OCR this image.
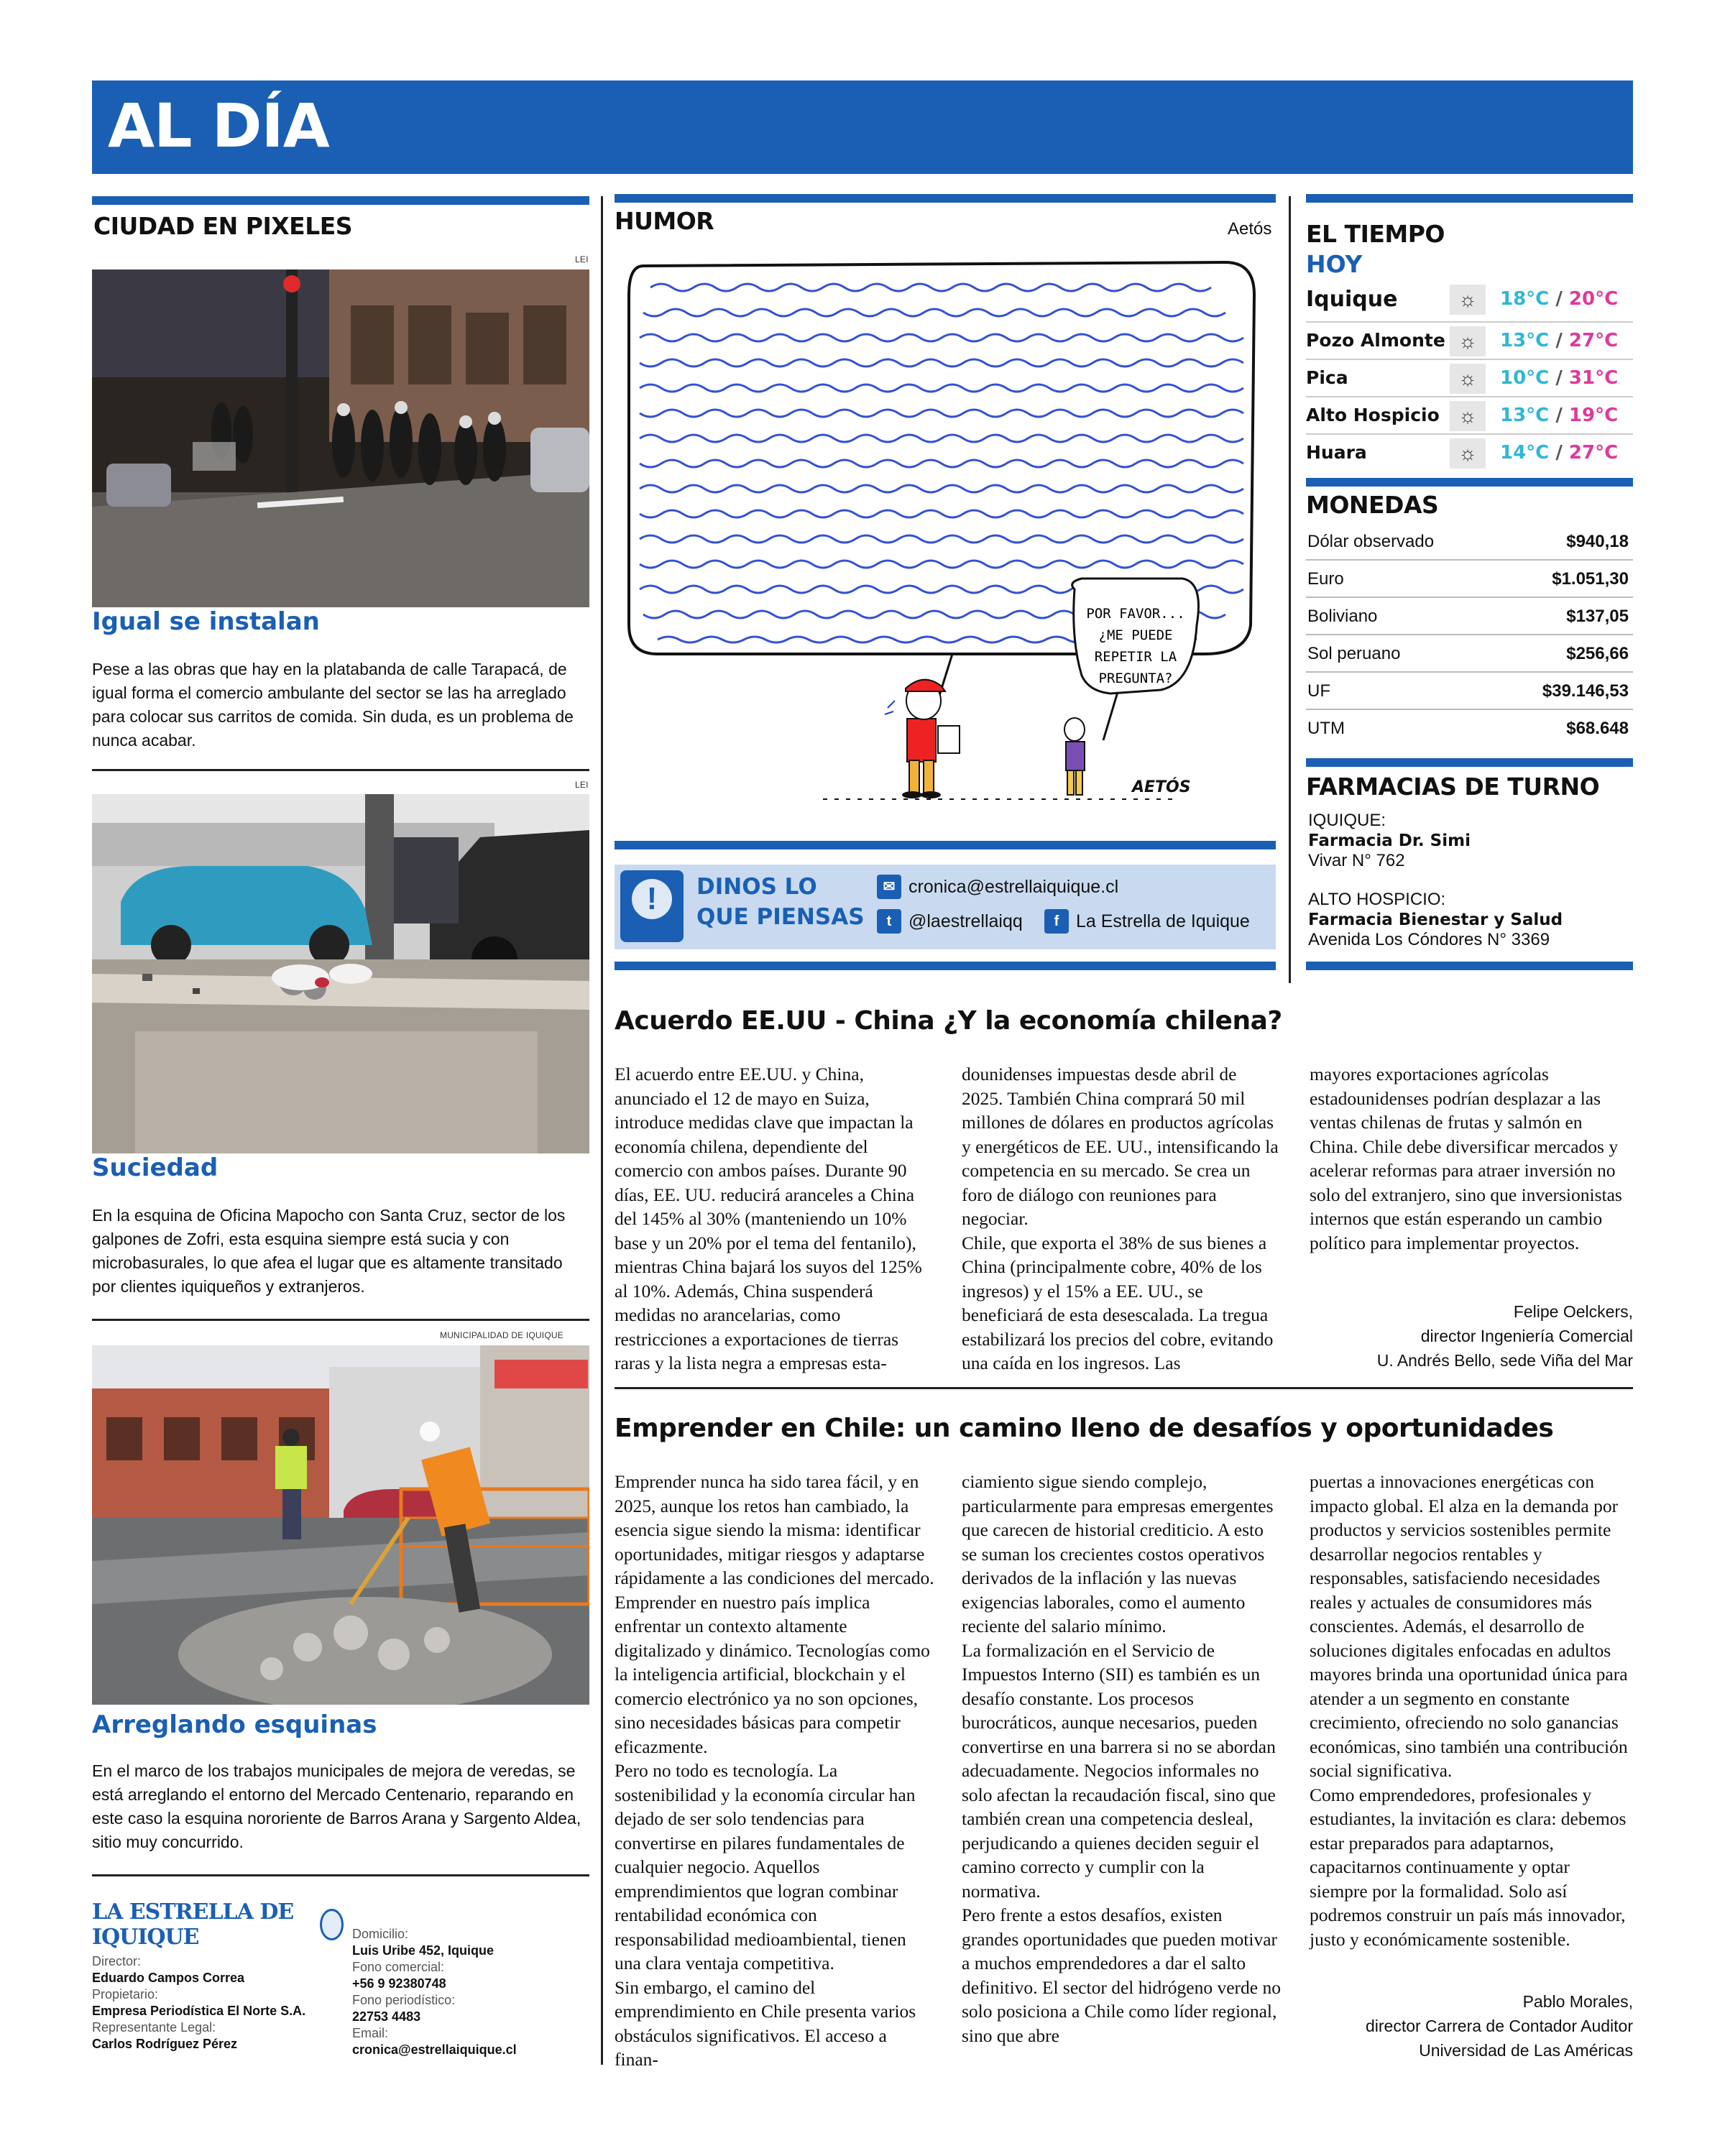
AL DÍA
CIUDAD EN PIXELES
LEI
Igual se instalan
Pese a las obras que hay en la platabanda de calle Tarapacá, de igual forma el comercio ambulante del sector se las ha arreglado para colocar sus carritos de comida. Sin duda, es un problema de nunca acabar.
LEI
Suciedad
En la esquina de Oficina Mapocho con Santa Cruz, sector de los galpones de Zofri, esta esquina siempre está sucia y con microbasurales, lo que afea el lugar que es altamente transitado por clientes iquiqueños y extranjeros.
MUNICIPALIDAD DE IQUIQUE
Arreglando esquinas
En el marco de los trabajos municipales de mejora de veredas, se está arreglando el entorno del Mercado Centenario, reparando en este caso la esquina nororiente de Barros Arana y Sargento Aldea, sitio muy concurrido.
LA ESTRELLA DE IQUIQUE
Director:
Eduardo Campos Correa
Propietario:
Empresa Periodística El Norte S.A.
Representante Legal:
Carlos Rodríguez Pérez
Domicilio:
Luis Uribe 452, Iquique
Fono comercial:
+56 9 92380748
Fono periodístico:
22753 4483
Email:
cronica@estrellaiquique.cl
HUMOR	Aetós
POR FAVOR...
¿ME PUEDE
REPETIR LA
PREGUNTA?
AETÓS
!	DINOS LO
QUE PIENSAS
✉ cronica@estrellaiquique.cl
t @laestrellaiqq	f La Estrella de Iquique
EL TIEMPO
HOY
Iquique	☼	18°C / 20°C
Pozo Almonte ☼	13°C / 27°C
Pica	☼	10°C / 31°C
Alto Hospicio ☼	13°C / 19°C
Huara	☼	14°C / 27°C
MONEDAS
Dólar observado	$940,18
Euro	$1.051,30
Boliviano	$137,05
Sol peruano	$256,66
UF	$39.146,53
UTM	$68.648
FARMACIAS DE TURNO
IQUIQUE:
Farmacia Dr. Simi
Vivar N° 762
ALTO HOSPICIO:
Farmacia Bienestar y Salud
Avenida Los Cóndores N° 3369
Acuerdo EE.UU - China ¿Y la economía chilena?

El acuerdo entre EE.UU. y China, anunciado el 12 de mayo en Suiza, introduce medidas clave que impactan la economía chilena, dependiente del comercio con ambos países. Durante 90 días, EE. UU. reducirá aranceles a China del 145% al 30% (manteniendo un 10% base y un 20% por el tema del fentanilo), mientras China bajará los suyos del 125% al 10%. Además, China suspenderá medidas no arancelarias, como restricciones a exportaciones de tierras raras y la lista negra a empresas esta-

dounidenses impuestas desde abril de 2025. También China comprará 50 mil millones de dólares en productos agrícolas y energéticos de EE. UU., intensificando la competencia en su mercado. Se crea un foro de diálogo con reuniones para negociar.

Chile, que exporta el 38% de sus bienes a China (principalmente cobre, 40% de los ingresos) y el 15% a EE. UU., se beneficiará de esta desescalada. La tregua estabilizará los precios del cobre, evitando una caída en los ingresos. Las

mayores exportaciones agrícolas estadounidenses podrían desplazar a las ventas chilenas de frutas y salmón en China. Chile debe diversificar mercados y acelerar reformas para atraer inversión no solo del extranjero, sino que inversionistas internos que están esperando un cambio político para implementar proyectos.

Felipe Oelckers,
director Ingeniería Comercial
U. Andrés Bello, sede Viña del Mar
Emprender en Chile: un camino lleno de desafíos y oportunidades

Emprender nunca ha sido tarea fácil, y en 2025, aunque los retos han cambiado, la esencia sigue siendo la misma: identificar oportunidades, mitigar riesgos y adaptarse rápidamente a las condiciones del mercado.

Emprender en nuestro país implica enfrentar un contexto altamente digitalizado y dinámico. Tecnologías como la inteligencia artificial, blockchain y el comercio electrónico ya no son opciones, sino necesidades básicas para competir eficazmente.

Pero no todo es tecnología. La sostenibilidad y la economía circular han dejado de ser solo tendencias para convertirse en pilares fundamentales de cualquier negocio. Aquellos emprendimientos que logran combinar rentabilidad económica con responsabilidad medioambiental, tienen una clara ventaja competitiva.

Sin embargo, el camino del emprendimiento en Chile presenta varios obstáculos significativos. El acceso a finan-

ciamiento sigue siendo complejo, particularmente para empresas emergentes que carecen de historial crediticio. A esto se suman los crecientes costos operativos derivados de la inflación y las nuevas exigencias laborales, como el aumento reciente del salario mínimo.

La formalización en el Servicio de Impuestos Interno (SII) es también es un desafío constante. Los procesos burocráticos, aunque necesarios, pueden convertirse en una barrera si no se abordan adecuadamente. Negocios informales no solo afectan la recaudación fiscal, sino que también crean una competencia desleal, perjudicando a quienes deciden seguir el camino correcto y cumplir con la normativa.

Pero frente a estos desafíos, existen grandes oportunidades que pueden motivar a muchos emprendedores a dar el salto definitivo. El sector del hidrógeno verde no solo posiciona a Chile como líder regional, sino que abre

puertas a innovaciones energéticas con impacto global. El alza en la demanda por productos y servicios sostenibles permite desarrollar negocios rentables y responsables, satisfaciendo necesidades reales y actuales de consumidores más conscientes. Además, el desarrollo de soluciones digitales enfocadas en adultos mayores brinda una oportunidad única para atender a un segmento en constante crecimiento, ofreciendo no solo ganancias económicas, sino también una contribución social significativa.

Como emprendedores, profesionales y estudiantes, la invitación es clara: debemos estar preparados para adaptarnos, capacitarnos continuamente y optar siempre por la formalidad. Solo así podremos construir un país más innovador, justo y económicamente sostenible.

Pablo Morales,
director Carrera de Contador Auditor
Universidad de Las Américas
